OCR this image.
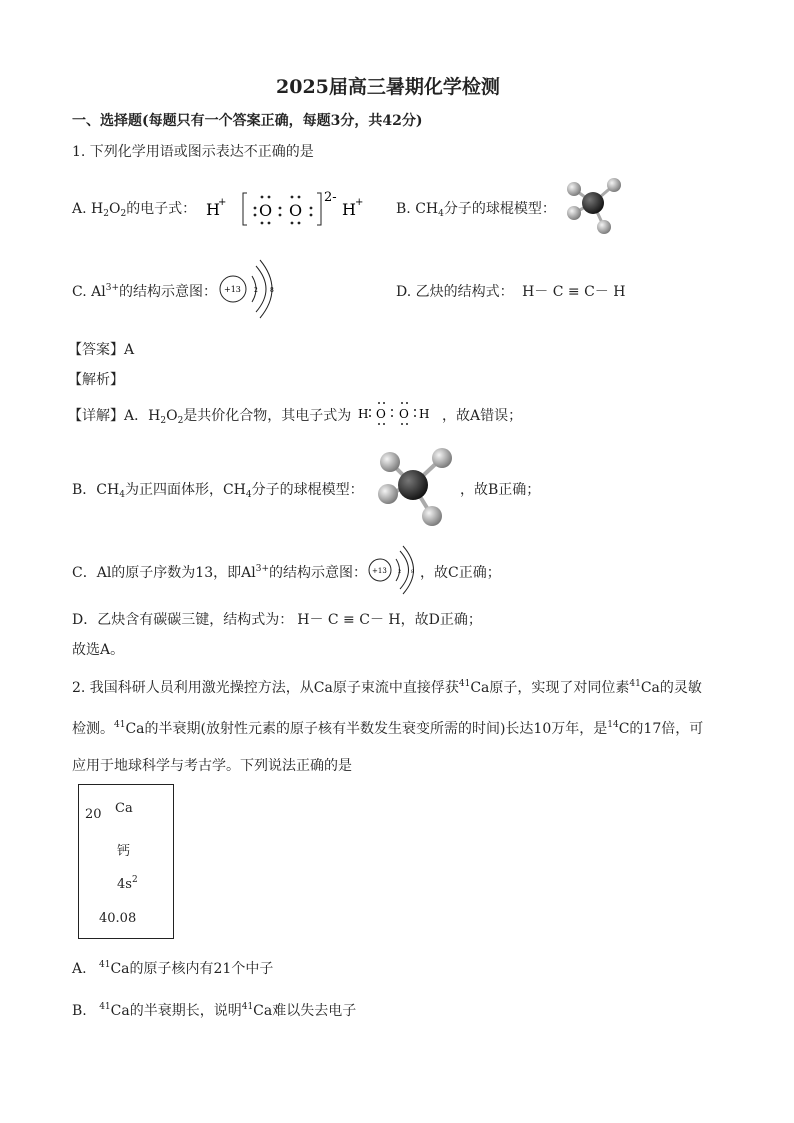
2025届高三暑期化学检测
一、选择题(每题只有一个答案正确，每题3分，共42分)
1. 下列化学用语或图示表达不正确的是
A. $H_2O_2$的电子式： H
+ O O
2-
H + B. $CH_4$分子的球棍模型：
C. $Al^{3+}$的结构示意图： +13 2 8	D. 乙炔的结构式： H－ C ≡ C－ H
【答案】A
【解析】
【详解】A．$H_2O_2$是共价化合物，其电子式为 H O O H ，故A错误；
B．$CH_4$为正四面体形，$CH_4$分子的球棍模型：	，故B正确；
C．Al的原子序数为13，即$Al^{3+}$的结构示意图： +13 2 8 ，故C正确；
D．乙炔含有碳碳三键，结构式为： H－ C ≡ C－ H，故D正确；
故选A。
2. 我国科研人员利用激光操控方法，从Ca原子束流中直接俘获$^{41}$Ca原子，实现了对同位素$^{41}$Ca的灵敏
检测。$^{41}$Ca的半衰期(放射性元素的原子核有半数发生衰变所需的时间)长达10万年，是$^{14}$C的17倍，可
应用于地球科学与考古学。下列说法正确的是
20 Ca
钙
$4s^2$
40.08
A. $^{41}$Ca的原子核内有21个中子
B. $^{41}$Ca的半衰期长，说明$^{41}$Ca难以失去电子
